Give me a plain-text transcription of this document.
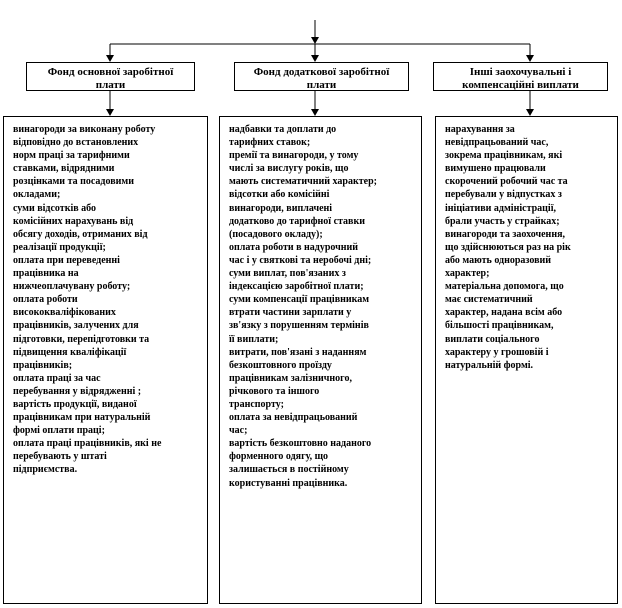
Фонд основної заробітної
плати
Фонд додаткової заробітної
плати
Інші заохочувальні і
компенсаційні виплати

винагороди за виконану роботу

відповідно до встановлених

норм праці за тарифними

ставками, відрядними

розцінками та посадовими

окладами;

суми відсотків або

комісійних нарахувань від

обсягу доходів, отриманих від

реалізації продукції;

оплата при переведенні

працівника на

нижчеоплачувану роботу;

оплата роботи

висококваліфікованих

працівників, залучених для

підготовки, перепідготовки та

підвищення кваліфікації

працівників;

оплата праці за час

перебування у відрядженні ;

вартість продукції, виданої

працівникам при натуральній

формі оплати праці;

оплата праці працівників, які не

перебувають у штаті

підприємства.

надбавки та доплати до

тарифних ставок;

премії та винагороди, у тому

числі за вислугу років, що

мають систематичний характер;

відсотки або комісійні

винагороди, виплачені

додатково до тарифної ставки

(посадового окладу);

оплата роботи в надурочний

час і у святкові та неробочі дні;

суми виплат, пов'язаних з

індексацією заробітної плати;

суми компенсації працівникам

втрати частини зарплати у

зв'язку з порушенням термінів

її виплати;

витрати, пов'язані з наданням

безкоштовного проїзду

працівникам залізничного,

річкового та іншого

транспорту;

оплата за невідпрацьований

час;

вартість безкоштовно наданого

форменного одягу, що

залишається в постійному

користуванні працівника.

нарахування за

невідпрацьований час,

зокрема працівникам, які

вимушено працювали

скорочений робочий час та

перебували у відпустках з

ініціативи адміністрації,

брали участь у страйках;

винагороди та заохочення,

що здійснюються раз на рік

або мають одноразовий

характер;

матеріальна допомога, що

має систематичний

характер, надана всім або

більшості працівникам,

виплати соціального

характеру у грошовій і

натуральній формі.
